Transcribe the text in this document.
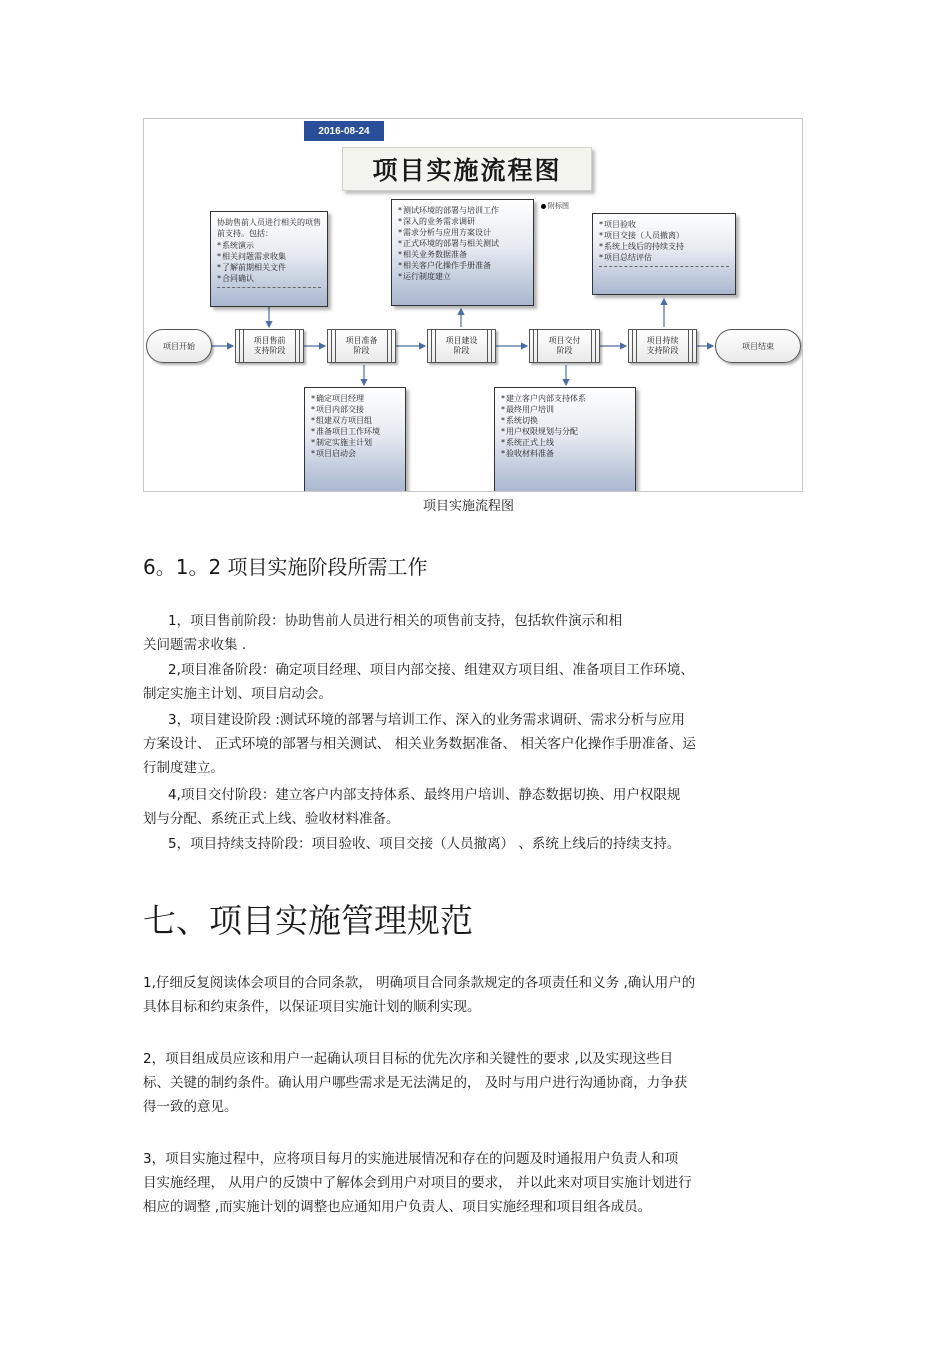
2016-08-24
项目实施流程图
附标图
协助售前人员进行相关的项售前支持。包括：
* 系统演示
* 相关问题需求收集
* 了解前期相关文件
* 合同确认
* 测试环境的部署与培训工作
* 深入的业务需求调研
* 需求分析与应用方案设计
* 正式环境的部署与相关测试
* 相关业务数据准备
* 相关客户化操作手册准备
* 运行制度建立
* 项目验收
* 项目交接（人员撤离）
* 系统上线后的持续支持
* 项目总结评估
项目售前
支持阶段
项目准备
阶段
项目建设
阶段
项目交付
阶段
项目持续
支持阶段
项目开始	项目结束
* 确定项目经理
* 项目内部交接
* 组建双方项目组
* 准备项目工作环境
* 制定实施主计划
* 项目启动会
* 建立客户内部支持体系
* 最终用户培训
* 系统切换
* 用户权限规划与分配
* 系统正式上线
* 验收材料准备
项目实施流程图
6。1。2 项目实施阶段所需工作
1，项目售前阶段：协助售前人员进行相关的项售前支持，包括软件演示和相
关问题需求收集 .
2,项目准备阶段：确定项目经理、项目内部交接、组建双方项目组、准备项目工作环境、
制定实施主计划、项目启动会。
3，项目建设阶段 :测试环境的部署与培训工作、深入的业务需求调研、需求分析与应用
方案设计、 正式环境的部署与相关测试、 相关业务数据准备、 相关客户化操作手册准备、运
行制度建立。
4,项目交付阶段：建立客户内部支持体系、最终用户培训、静态数据切换、用户权限规
划与分配、系统正式上线、验收材料准备。
5，项目持续支持阶段：项目验收、项目交接（人员撤离） 、系统上线后的持续支持。
七、项目实施管理规范
1,仔细反复阅读体会项目的合同条款， 明确项目合同条款规定的各项责任和义务 ,确认用户的
具体目标和约束条件，以保证项目实施计划的顺利实现。
2，项目组成员应该和用户一起确认项目目标的优先次序和关键性的要求 ,以及实现这些目
标、关键的制约条件。确认用户哪些需求是无法满足的， 及时与用户进行沟通协商，力争获
得一致的意见。
3，项目实施过程中，应将项目每月的实施进展情况和存在的问题及时通报用户负责人和项
目实施经理， 从用户的反馈中了解体会到用户对项目的要求， 并以此来对项目实施计划进行
相应的调整 ,而实施计划的调整也应通知用户负责人、项目实施经理和项目组各成员。
